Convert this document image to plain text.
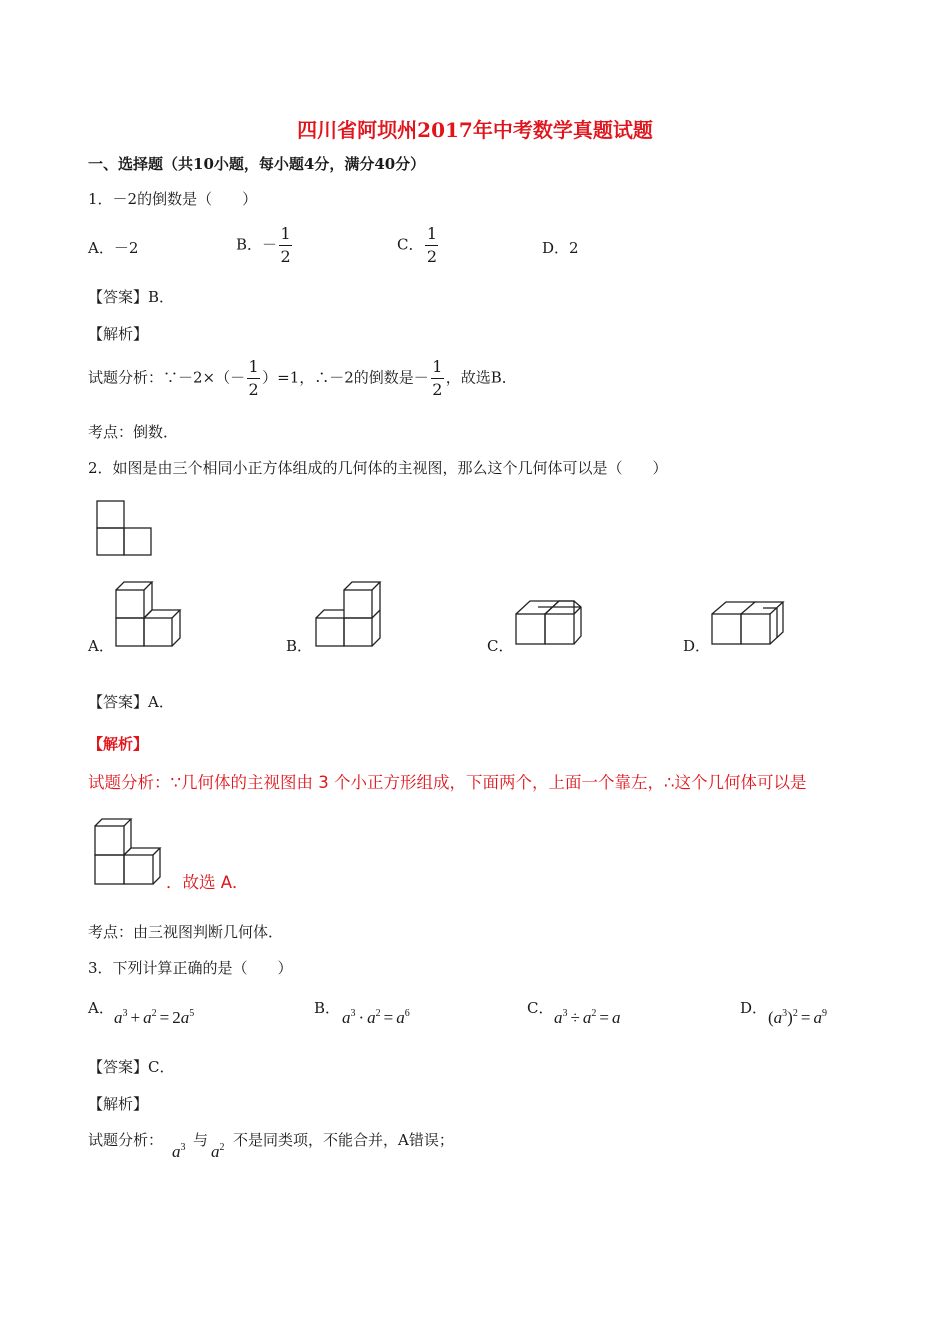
四川省阿坝州2017年中考数学真题试题
一、选择题（共10小题，每小题4分，满分40分）
1．－2的倒数是（　　）
A．－2	B．－ $\frac{1}{2}$	C． $\frac{1}{2}$	D．2
【答案】B．
【解析】
试题分析：∵－2×（－ $\frac{1}{2} )=1$，∴－2的倒数是－ $\frac{1}{2}$ ，故选B．
考点：倒数．
2．如图是由三个相同小正方体组成的几何体的主视图，那么这个几何体可以是（　　）
A．	B．	C．	D．
【答案】A．
【解析】
试题分析：∵几何体的主视图由 3 个小正方形组成，下面两个，上面一个靠左，∴这个几何体可以是
．故选 A．
考点：由三视图判断几何体．
3．下列计算正确的是（　　）
A． $a^3 + a^2 = 2a^5$	B． $a^3 \cdot a^2 = a^6$	C． $a^3 \div a^2 = a$	D． $(a^3)^2 = a^9$
【答案】C．
【解析】
试题分析：
$a^3$ 与
$a^2$ 不是同类项，不能合并，A错误；
